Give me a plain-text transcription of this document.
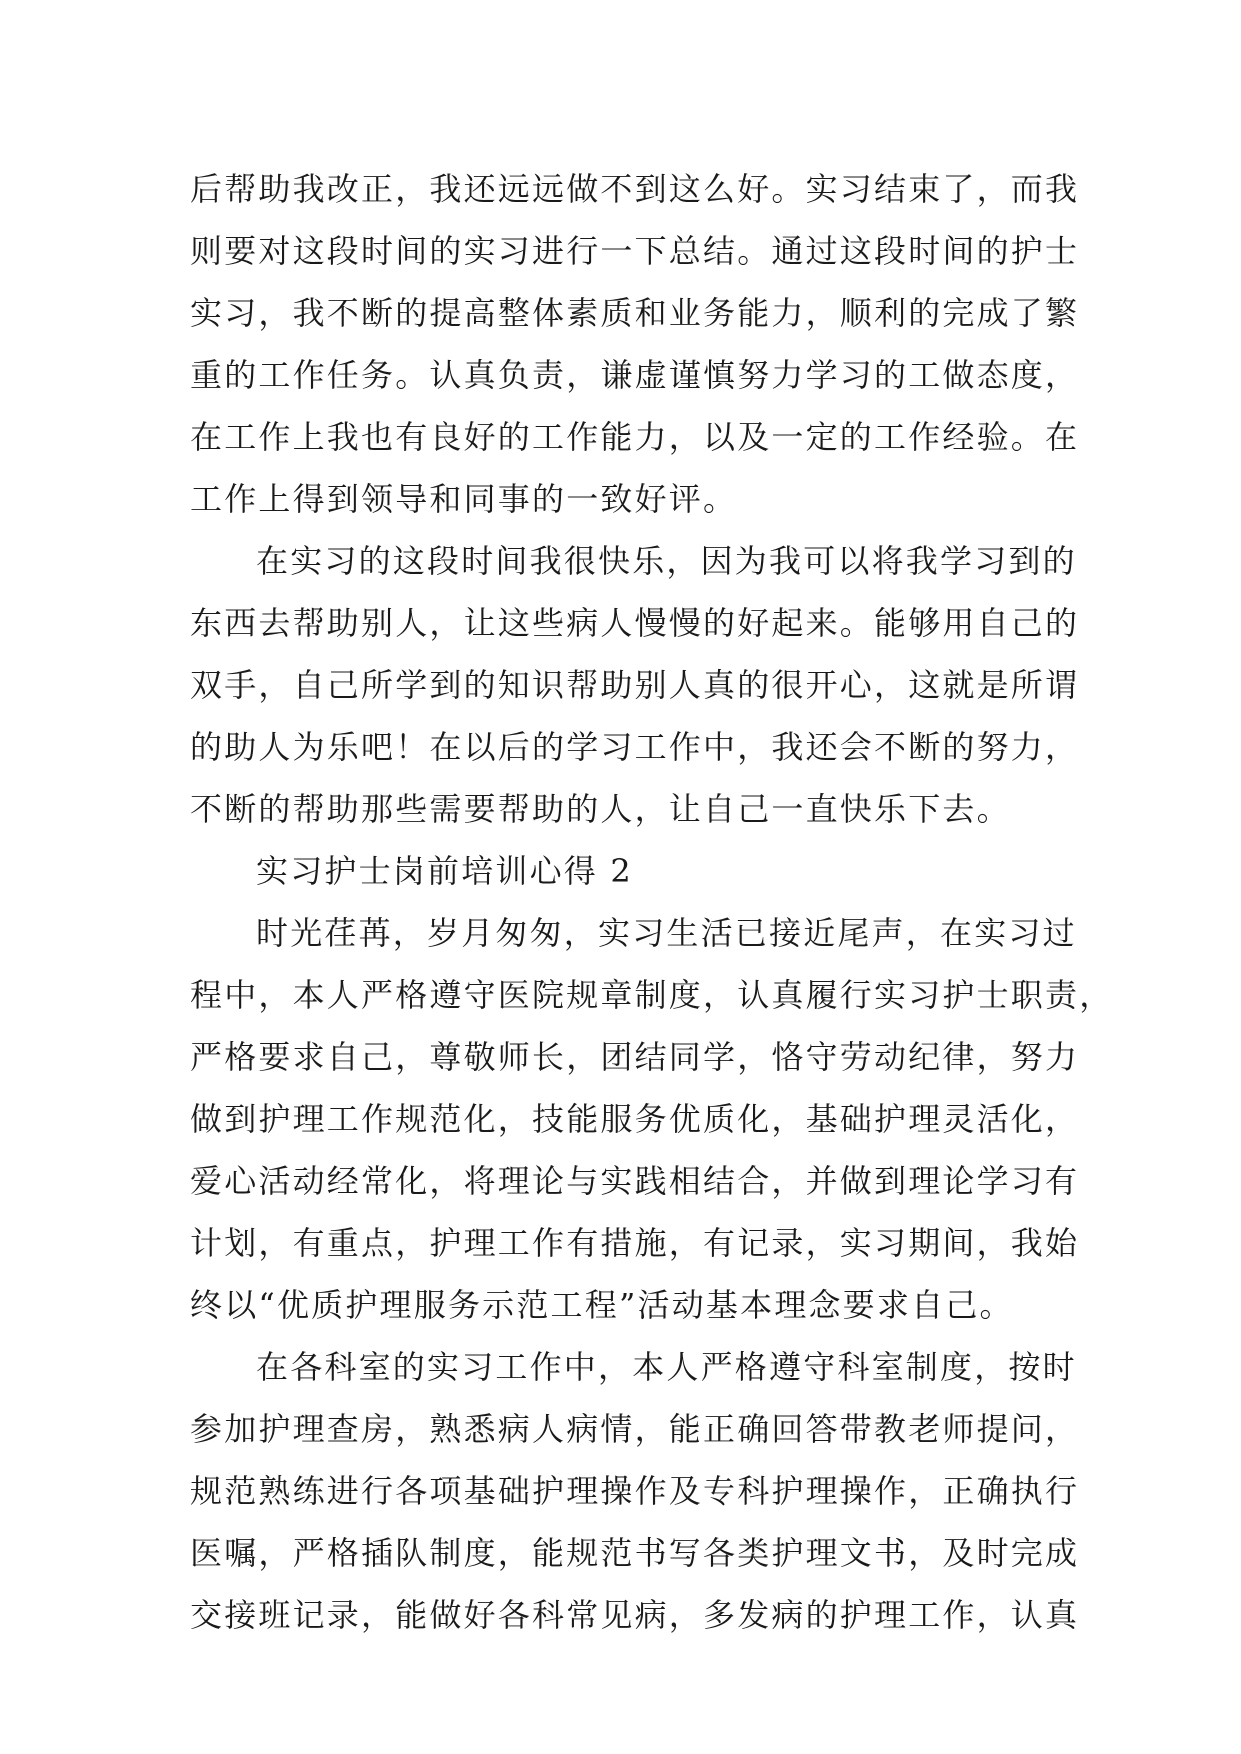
后帮助我改正，我还远远做不到这么好。实习结束了，而我
则要对这段时间的实习进行一下总结。通过这段时间的护士
实习，我不断的提高整体素质和业务能力，顺利的完成了繁
重的工作任务。认真负责，谦虚谨慎努力学习的工做态度，
在工作上我也有良好的工作能力，以及一定的工作经验。在
工作上得到领导和同事的一致好评。
在实习的这段时间我很快乐，因为我可以将我学习到的
东西去帮助别人，让这些病人慢慢的好起来。能够用自己的
双手，自己所学到的知识帮助别人真的很开心，这就是所谓
的助人为乐吧！在以后的学习工作中，我还会不断的努力，
不断的帮助那些需要帮助的人，让自己一直快乐下去。
实习护士岗前培训心得 2
时光荏苒，岁月匆匆，实习生活已接近尾声，在实习过
程中，本人严格遵守医院规章制度，认真履行实习护士职责，
严格要求自己，尊敬师长，团结同学，恪守劳动纪律，努力
做到护理工作规范化，技能服务优质化，基础护理灵活化，
爱心活动经常化，将理论与实践相结合，并做到理论学习有
计划，有重点，护理工作有措施，有记录，实习期间，我始
终以“优质护理服务示范工程”活动基本理念要求自己。
在各科室的实习工作中，本人严格遵守科室制度，按时
参加护理查房，熟悉病人病情，能正确回答带教老师提问，
规范熟练进行各项基础护理操作及专科护理操作，正确执行
医嘱，严格插队制度，能规范书写各类护理文书，及时完成
交接班记录，能做好各科常见病，多发病的护理工作，认真
